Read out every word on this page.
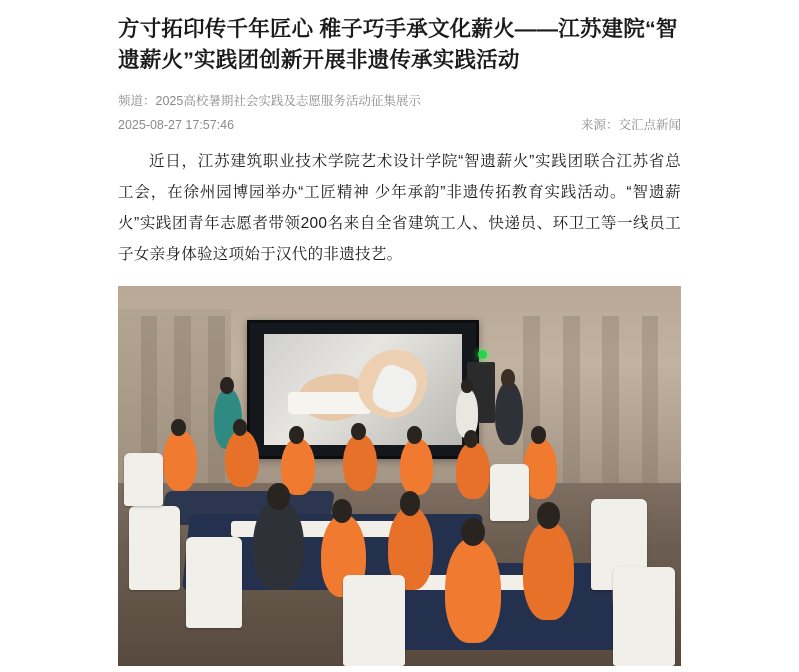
方寸拓印传千年匠心 稚子巧手承文化薪火——江苏建院“智遗薪火”实践团创新开展非遗传承实践活动
频道：2025高校暑期社会实践及志愿服务活动征集展示
2025-08-27 17:57:46	来源：交汇点新闻

近日，江苏建筑职业技术学院艺术设计学院“智遗薪火”实践团联合江苏省总工会，在徐州园博园举办“工匠精神 少年承韵”非遗传拓教育实践活动。“智遗薪火”实践团青年志愿者带领200名来自全省建筑工人、快递员、环卫工等一线员工子女亲身体验这项始于汉代的非遗技艺。
